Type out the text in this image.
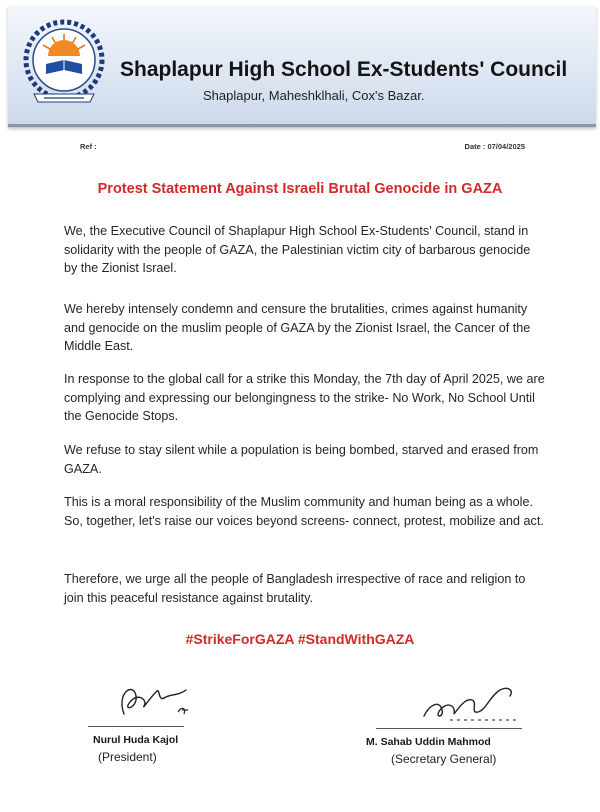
Shaplapur High School Ex-Students' Council
Shaplapur, Maheshklhali, Cox's Bazar.
Ref :	Date : 07/04/2025
Protest Statement Against Israeli Brutal Genocide in GAZA
We, the Executive Council of Shaplapur High School Ex-Students' Council, stand in solidarity with the people of GAZA, the Palestinian victim city of barbarous genocide by the Zionist Israel.
We hereby intensely condemn and censure the brutalities, crimes against humanity and genocide on the muslim people of GAZA by the Zionist Israel, the Cancer of the Middle East.
In response to the global call for a strike this Monday, the 7th day of April 2025, we are complying and expressing our belongingness to the strike- No Work, No School Until the Genocide Stops.
We refuse to stay silent while a population is being bombed, starved and erased from GAZA.
This is a moral responsibility of the Muslim community and human being as a whole. So, together, let's raise our voices beyond screens- connect, protest, mobilize and act.
Therefore, we urge all the people of Bangladesh irrespective of race and religion to join this peaceful resistance against brutality.
#StrikeForGAZA #StandWithGAZA
Nurul Huda Kajol
(President)
M. Sahab Uddin Mahmod
(Secretary General)
